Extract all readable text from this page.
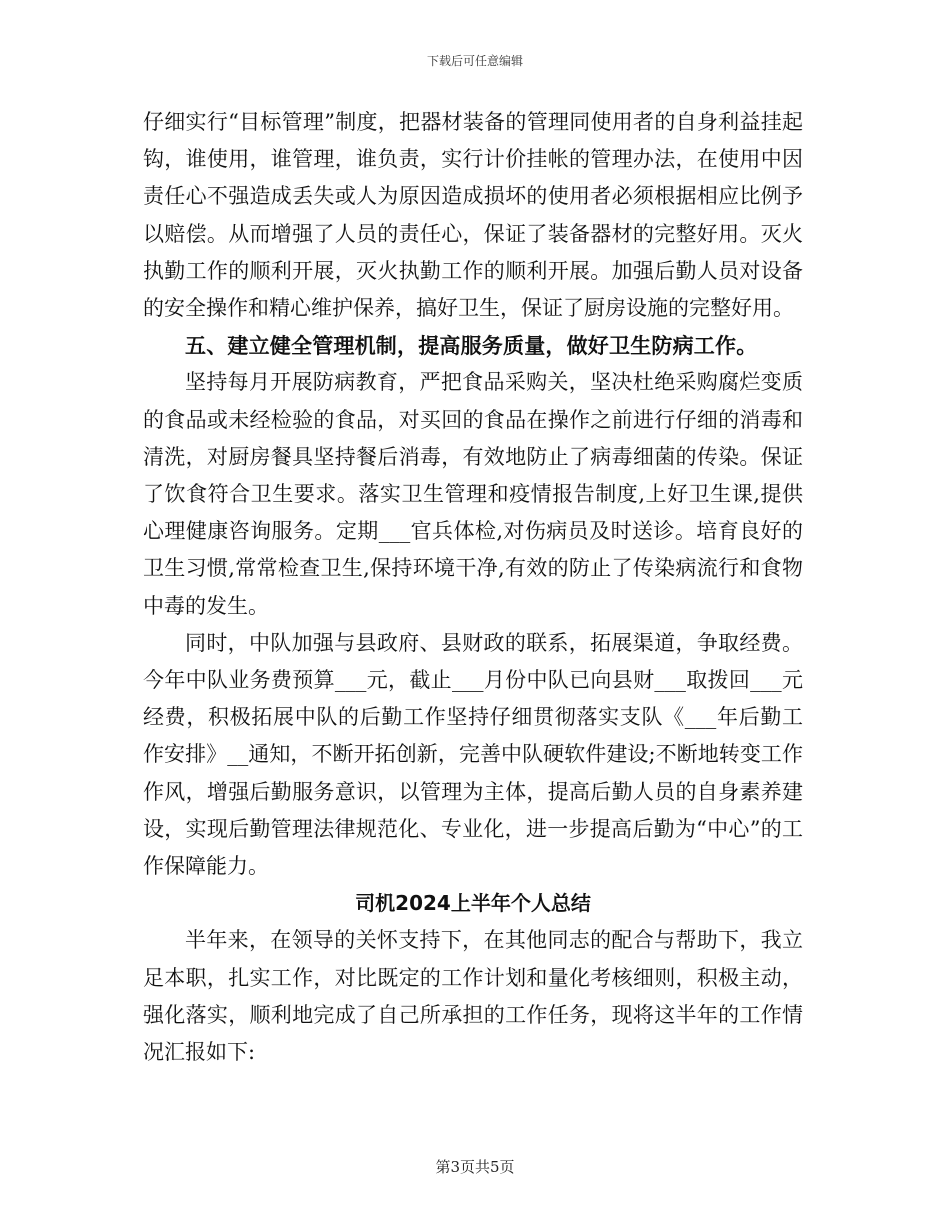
下载后可任意编辑

仔细实行“目标管理”制度，把器材装备的管理同使用者的自身利益挂起钩，谁使用，谁管理，谁负责，实行计价挂帐的管理办法，在使用中因责任心不强造成丢失或人为原因造成损坏的使用者必须根据相应比例予以赔偿。从而增强了人员的责任心，保证了装备器材的完整好用。灭火执勤工作的顺利开展，灭火执勤工作的顺利开展。加强后勤人员对设备的安全操作和精心维护保养，搞好卫生，保证了厨房设施的完整好用。

五、建立健全管理机制，提高服务质量，做好卫生防病工作。

坚持每月开展防病教育，严把食品采购关，坚决杜绝采购腐烂变质的食品或未经检验的食品，对买回的食品在操作之前进行仔细的消毒和清洗，对厨房餐具坚持餐后消毒，有效地防止了病毒细菌的传染。保证了饮食符合卫生要求。落实卫生管理和疫情报告制度,上好卫生课,提供心理健康咨询服务。定期___官兵体检,对伤病员及时送诊。培育良好的卫生习惯,常常检查卫生,保持环境干净,有效的防止了传染病流行和食物中毒的发生。

同时，中队加强与县政府、县财政的联系，拓展渠道，争取经费。今年中队业务费预算___元，截止___月份中队已向县财___取拨回___元经费，积极拓展中队的后勤工作坚持仔细贯彻落实支队《___年后勤工作安排》__通知，不断开拓创新，完善中队硬软件建设;不断地转变工作作风，增强后勤服务意识，以管理为主体，提高后勤人员的自身素养建设，实现后勤管理法律规范化、专业化，进一步提高后勤为“中心”的工作保障能力。

司机2024上半年个人总结

半年来，在领导的关怀支持下，在其他同志的配合与帮助下，我立足本职，扎实工作，对比既定的工作计划和量化考核细则，积极主动，强化落实，顺利地完成了自己所承担的工作任务，现将这半年的工作情况汇报如下:

第3页共5页
